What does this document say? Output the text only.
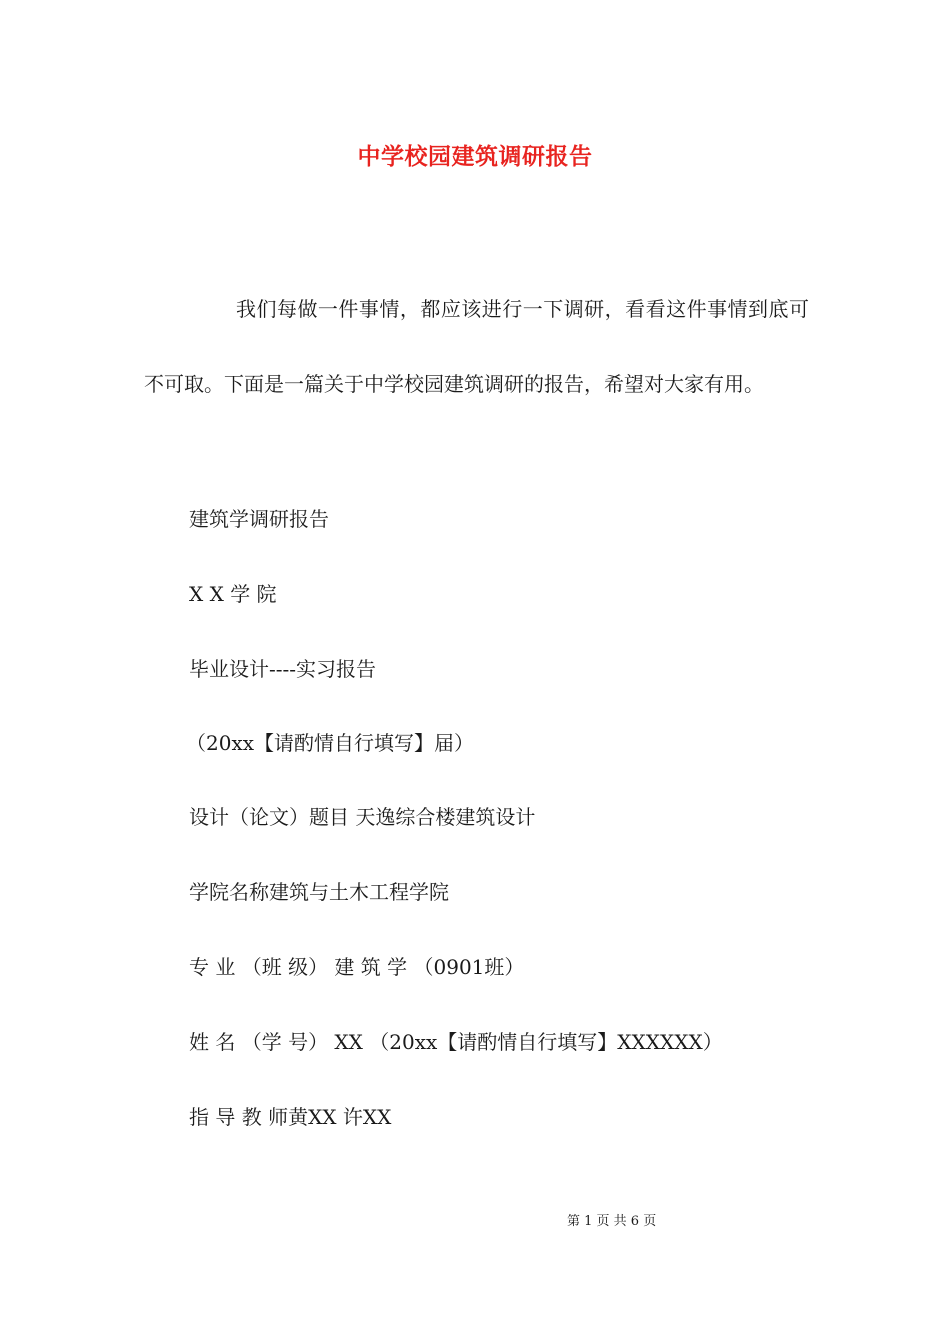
中学校园建筑调研报告

我们每做一件事情，都应该进行一下调研，看看这件事情到底可不可取。下面是一篇关于中学校园建筑调研的报告，希望对大家有用。

建筑学调研报告
X X 学 院
毕业设计----实习报告
（20xx【请酌情自行填写】届）
设计（论文）题目 天逸综合楼建筑设计
学院名称建筑与土木工程学院
专 业 （班 级） 建 筑 学 （0901班）
姓 名 （学 号） XX （20xx【请酌情自行填写】XXXXXX）
指 导 教 师黄XX 许XX
第 1 页 共 6 页
